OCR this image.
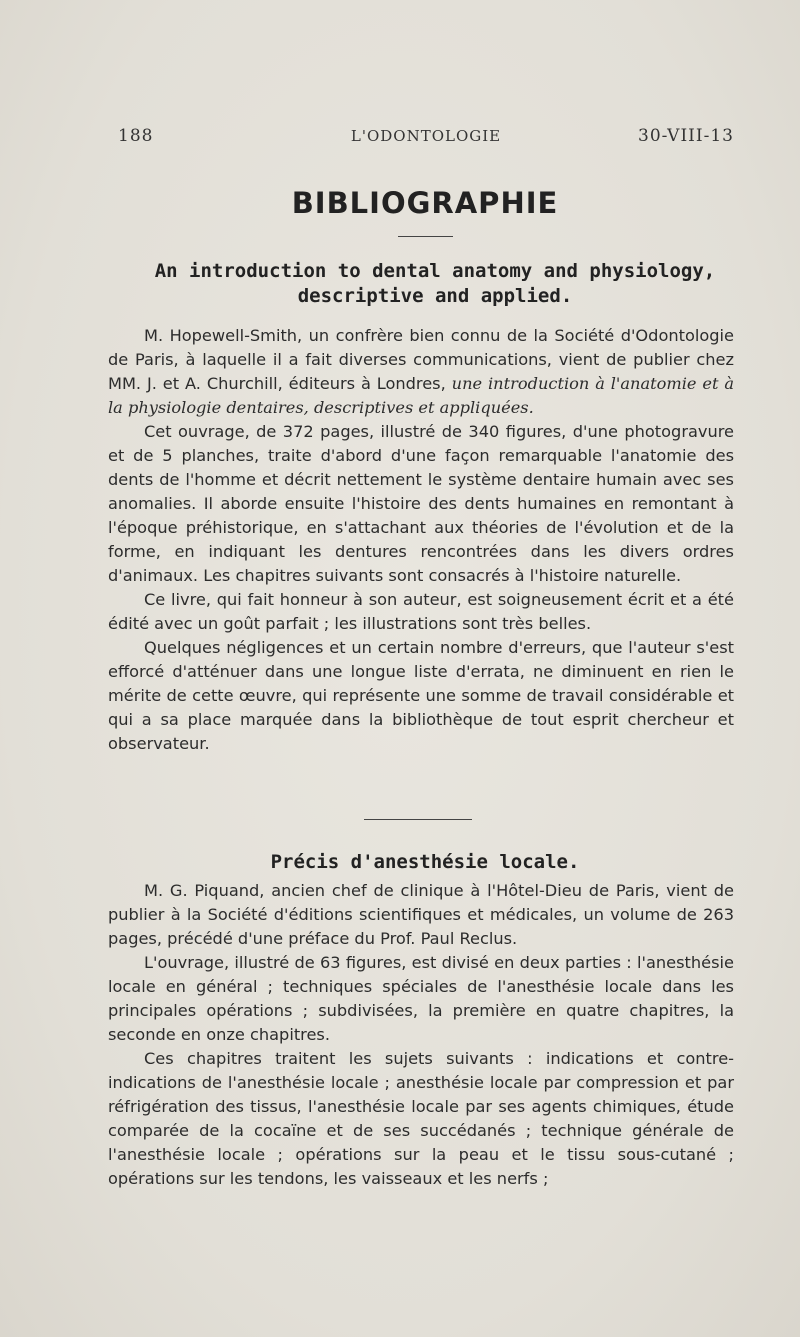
188	L'ODONTOLOGIE	30-VIII-13
BIBLIOGRAPHIE
An introduction to dental anatomy and physiology, descriptive and applied.

M. Hopewell-Smith, un confrère bien connu de la Société d'Odontologie de Paris, à laquelle il a fait diverses communications, vient de publier chez MM. J. et A. Churchill, éditeurs à Londres, une introduction à l'anatomie et à la physiologie dentaires, descriptives et appliquées.

Cet ouvrage, de 372 pages, illustré de 340 figures, d'une photogravure et de 5 planches, traite d'abord d'une façon remarquable l'anatomie des dents de l'homme et décrit nettement le système dentaire humain avec ses anomalies. Il aborde ensuite l'histoire des dents humaines en remontant à l'époque préhistorique, en s'attachant aux théories de l'évolution et de la forme, en indiquant les dentures rencontrées dans les divers ordres d'animaux. Les chapitres suivants sont consacrés à l'histoire naturelle.

Ce livre, qui fait honneur à son auteur, est soigneusement écrit et a été édité avec un goût parfait ; les illustrations sont très belles.

Quelques négligences et un certain nombre d'erreurs, que l'auteur s'est efforcé d'atténuer dans une longue liste d'errata, ne diminuent en rien le mérite de cette œuvre, qui représente une somme de travail considérable et qui a sa place marquée dans la bibliothèque de tout esprit chercheur et observateur.

Précis d'anesthésie locale.

M. G. Piquand, ancien chef de clinique à l'Hôtel-Dieu de Paris, vient de publier à la Société d'éditions scientifiques et médicales, un volume de 263 pages, précédé d'une préface du Prof. Paul Reclus.

L'ouvrage, illustré de 63 figures, est divisé en deux parties : l'anesthésie locale en général ; techniques spéciales de l'anesthésie locale dans les principales opérations ; subdivisées, la première en quatre chapitres, la seconde en onze chapitres.

Ces chapitres traitent les sujets suivants : indications et contre-indications de l'anesthésie locale ; anesthésie locale par compression et par réfrigération des tissus, l'anesthésie locale par ses agents chimiques, étude comparée de la cocaïne et de ses succédanés ; technique générale de l'anesthésie locale ; opérations sur la peau et le tissu sous-cutané ; opérations sur les tendons, les vaisseaux et les nerfs ;
